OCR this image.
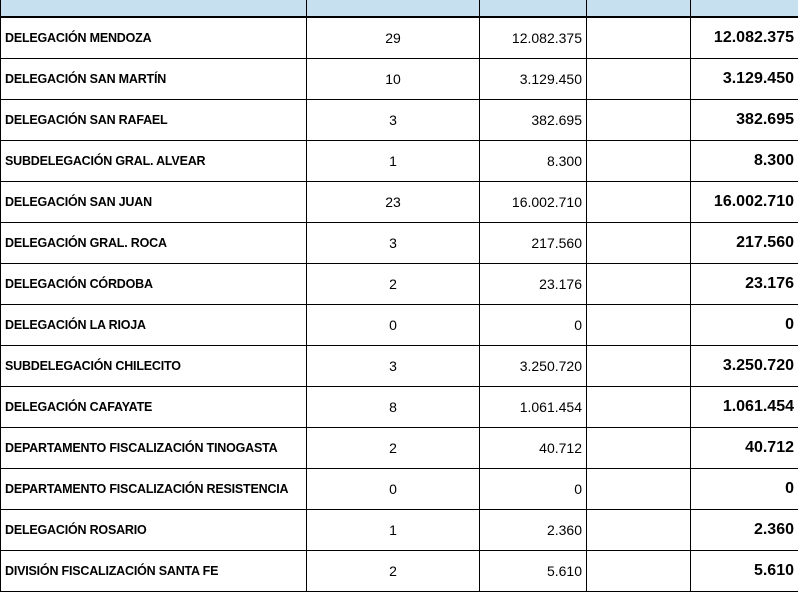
DELEGACIÓN MENDOZA	29	12.082.375		12.082.375
DELEGACIÓN SAN MARTÍN	10	3.129.450		3.129.450
DELEGACIÓN SAN RAFAEL	3	382.695		382.695
SUBDELEGACIÓN GRAL. ALVEAR	1	8.300		8.300
DELEGACIÓN SAN JUAN	23	16.002.710		16.002.710
DELEGACIÓN GRAL. ROCA	3	217.560		217.560
DELEGACIÓN CÓRDOBA	2	23.176		23.176
DELEGACIÓN LA RIOJA	0	0		0
SUBDELEGACIÓN CHILECITO	3	3.250.720		3.250.720
DELEGACIÓN CAFAYATE	8	1.061.454		1.061.454
DEPARTAMENTO FISCALIZACIÓN TINOGASTA	2	40.712		40.712
DEPARTAMENTO FISCALIZACIÓN RESISTENCIA	0	0		0
DELEGACIÓN ROSARIO	1	2.360		2.360
DIVISIÓN FISCALIZACIÓN SANTA FE	2	5.610		5.610
